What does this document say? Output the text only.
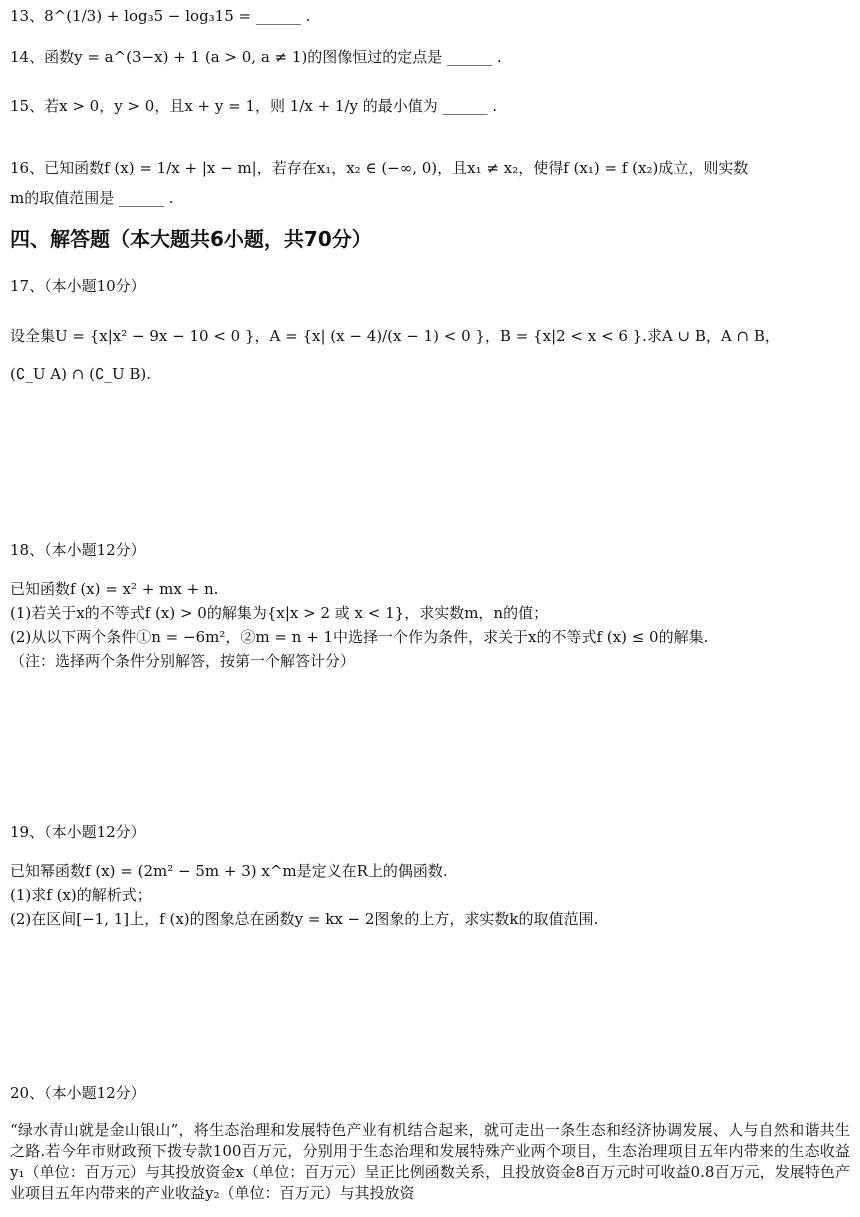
13、8^(1/3) + log₃5 − log₃15 = ______ .
14、函数y = a^(3−x) + 1 (a > 0, a ≠ 1)的图像恒过的定点是 ______ .
15、若x > 0，y > 0，且x + y = 1，则 1/x + 1/y 的最小值为 ______ .
16、已知函数f (x) = 1/x + |x − m|，若存在x₁，x₂ ∈ (−∞, 0)，且x₁ ≠ x₂，使得f (x₁) = f (x₂)成立，则实数
m的取值范围是 ______ .
四、解答题（本大题共6小题，共70分）
17、（本小题10分）
设全集U = {x|x² − 9x − 10 < 0 }，A = {x| (x − 4)/(x − 1) < 0 }，B = {x|2 < x < 6 }.求A ∪ B，A ∩ B，
(∁_U A) ∩ (∁_U B).
18、（本小题12分）
已知函数f (x) = x² + mx + n.
(1)若关于x的不等式f (x) > 0的解集为{x|x > 2 或 x < 1}，求实数m，n的值；
(2)从以下两个条件①n = −6m²，②m = n + 1中选择一个作为条件，求关于x的不等式f (x) ≤ 0的解集.
（注：选择两个条件分别解答，按第一个解答计分）
19、（本小题12分）
已知幂函数f (x) = (2m² − 5m + 3) x^m是定义在R上的偶函数.
(1)求f (x)的解析式；
(2)在区间[−1, 1]上，f (x)的图象总在函数y = kx − 2图象的上方，求实数k的取值范围.
20、（本小题12分）
“绿水青山就是金山银山”，将生态治理和发展特色产业有机结合起来，就可走出一条生态和经济协调发展、人与自然和谐共生之路.若今年市财政预下拨专款100百万元，分别用于生态治理和发展特殊产业两个项目，生态治理项目五年内带来的生态收益y₁（单位：百万元）与其投放资金x（单位：百万元）呈正比例函数关系，且投放资金8百万元时可收益0.8百万元，发展特色产业项目五年内带来的产业收益y₂（单位：百万元）与其投放资
